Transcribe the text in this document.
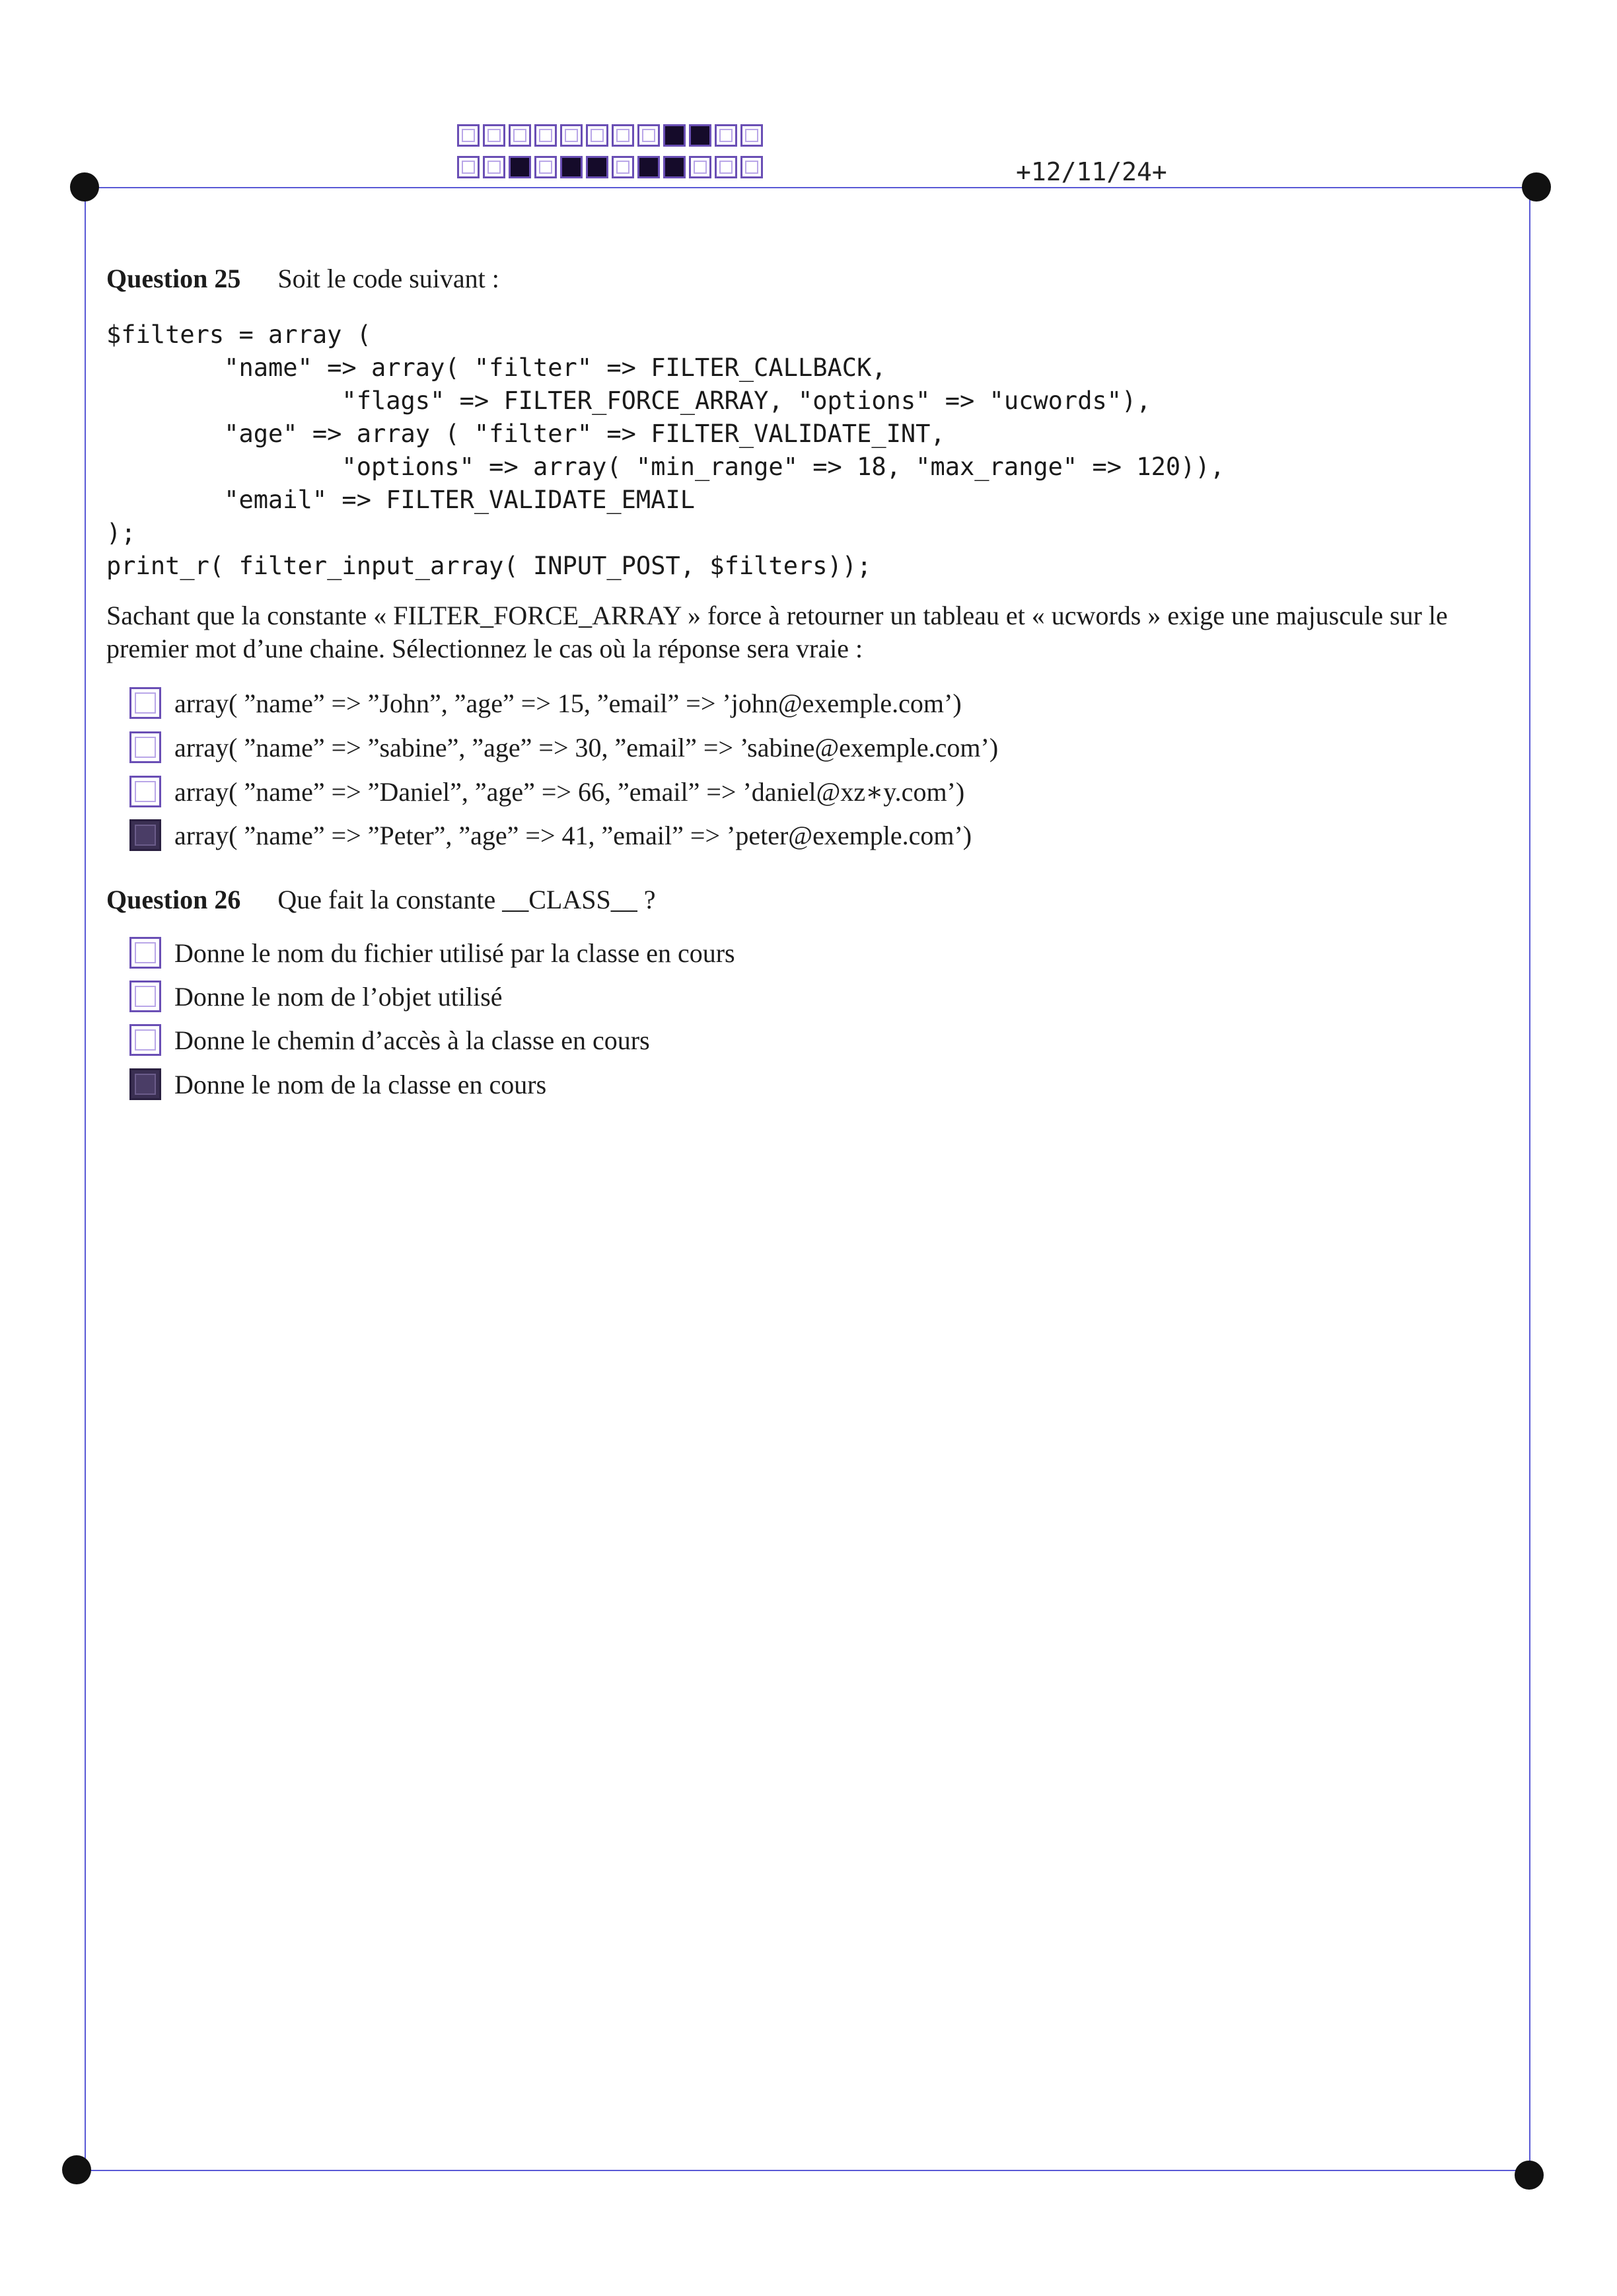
+12/11/24+
Question 25 Soit le code suivant :
$filters = array (
"name" => array( "filter" => FILTER_CALLBACK,
"flags" => FILTER_FORCE_ARRAY, "options" => "ucwords"),
"age" => array ( "filter" => FILTER_VALIDATE_INT,
"options" => array( "min_range" => 18, "max_range" => 120)),
"email" => FILTER_VALIDATE_EMAIL
);
print_r( filter_input_array( INPUT_POST, $filters));
Sachant que la constante « FILTER_FORCE_ARRAY » force à retourner un tableau et « ucwords » exige une majuscule sur le premier mot d’une chaine. Sélectionnez le cas où la réponse sera vraie :
array( ”name” => ”John”, ”age” => 15, ”email” => ’john@exemple.com’)
array( ”name” => ”sabine”, ”age” => 30, ”email” => ’sabine@exemple.com’)
array( ”name” => ”Daniel”, ”age” => 66, ”email” => ’daniel@xz∗y.com’)
array( ”name” => ”Peter”, ”age” => 41, ”email” => ’peter@exemple.com’)
Question 26 Que fait la constante __CLASS__ ?
Donne le nom du fichier utilisé par la classe en cours
Donne le nom de l’objet utilisé
Donne le chemin d’accès à la classe en cours
Donne le nom de la classe en cours
